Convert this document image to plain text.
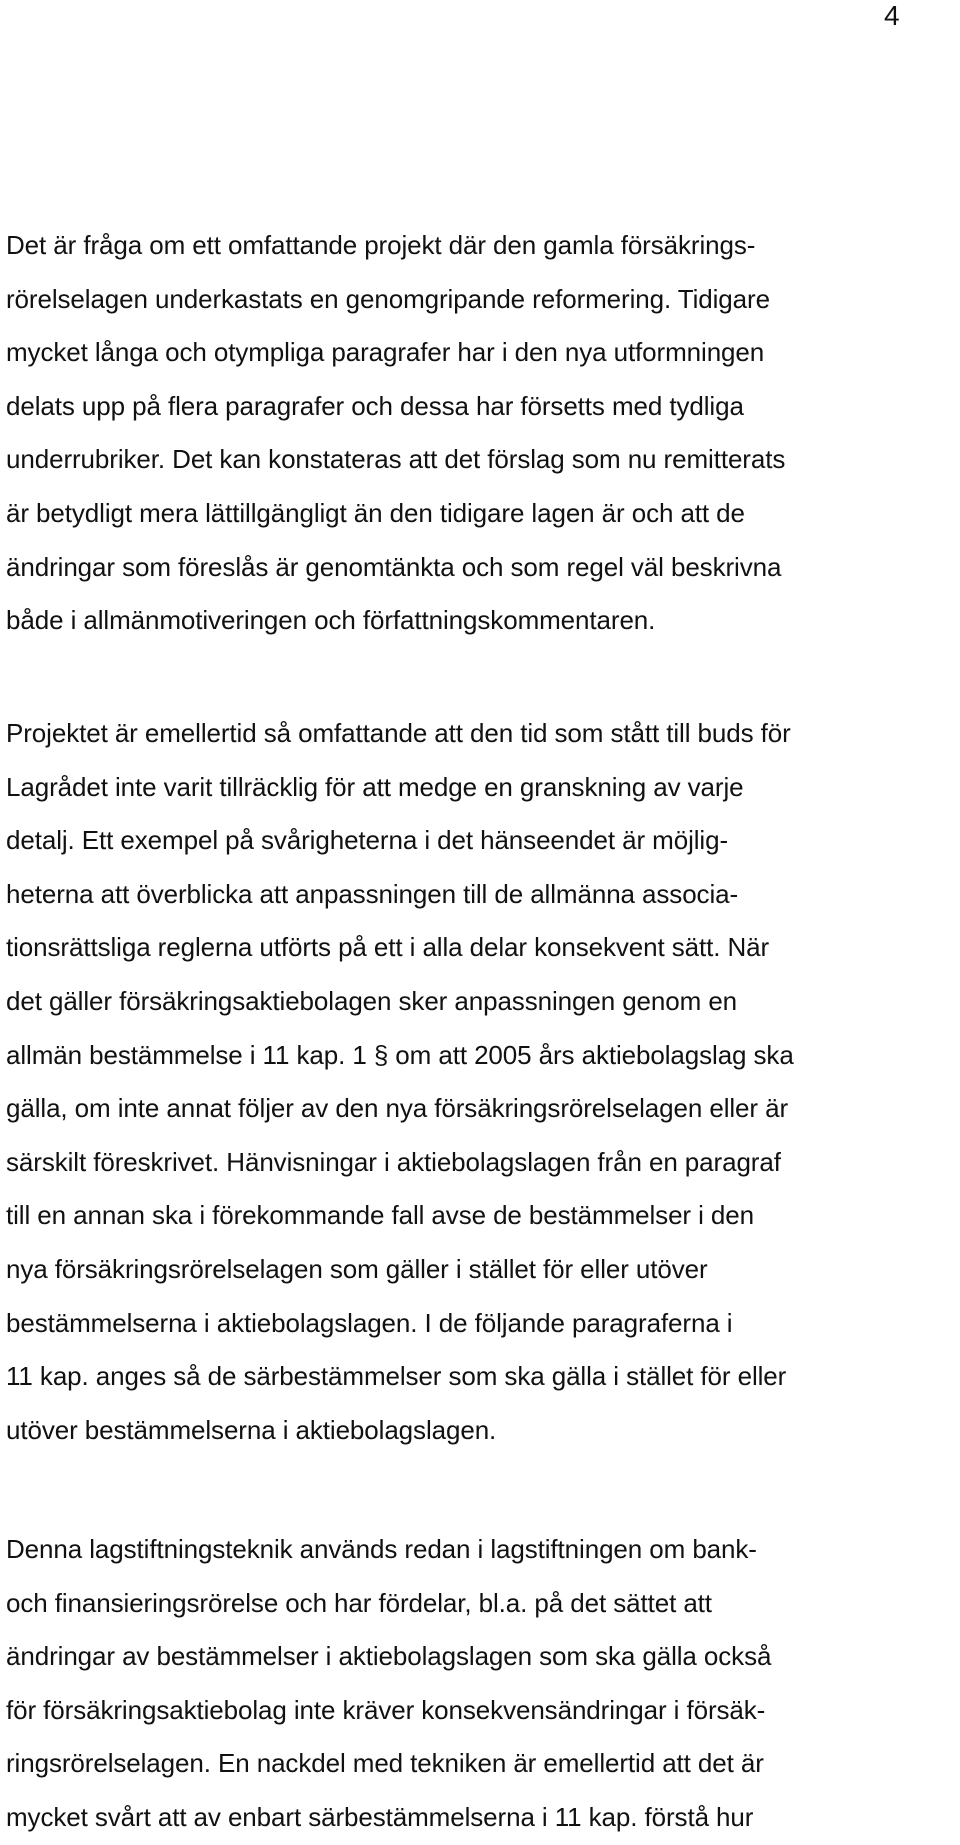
4
Det är fråga om ett omfattande projekt där den gamla försäkrings-
rörelselagen underkastats en genomgripande reformering. Tidigare
mycket långa och otympliga paragrafer har i den nya utformningen
delats upp på flera paragrafer och dessa har försetts med tydliga
underrubriker. Det kan konstateras att det förslag som nu remitterats
är betydligt mera lättillgängligt än den tidigare lagen är och att de
ändringar som föreslås är genomtänkta och som regel väl beskrivna
både i allmänmotiveringen och författningskommentaren.
Projektet är emellertid så omfattande att den tid som stått till buds för
Lagrådet inte varit tillräcklig för att medge en granskning av varje
detalj. Ett exempel på svårigheterna i det hänseendet är möjlig-
heterna att överblicka att anpassningen till de allmänna associa-
tionsrättsliga reglerna utförts på ett i alla delar konsekvent sätt. När
det gäller försäkringsaktiebolagen sker anpassningen genom en
allmän bestämmelse i 11 kap. 1 § om att 2005 års aktiebolagslag ska
gälla, om inte annat följer av den nya försäkringsrörelselagen eller är
särskilt föreskrivet. Hänvisningar i aktiebolagslagen från en paragraf
till en annan ska i förekommande fall avse de bestämmelser i den
nya försäkringsrörelselagen som gäller i stället för eller utöver
bestämmelserna i aktiebolagslagen. I de följande paragraferna i
11 kap. anges så de särbestämmelser som ska gälla i stället för eller
utöver bestämmelserna i aktiebolagslagen.
Denna lagstiftningsteknik används redan i lagstiftningen om bank-
och finansieringsrörelse och har fördelar, bl.a. på det sättet att
ändringar av bestämmelser i aktiebolagslagen som ska gälla också
för försäkringsaktiebolag inte kräver konsekvensändringar i försäk-
ringsrörelselagen. En nackdel med tekniken är emellertid att det är
mycket svårt att av enbart särbestämmelserna i 11 kap. förstå hur
